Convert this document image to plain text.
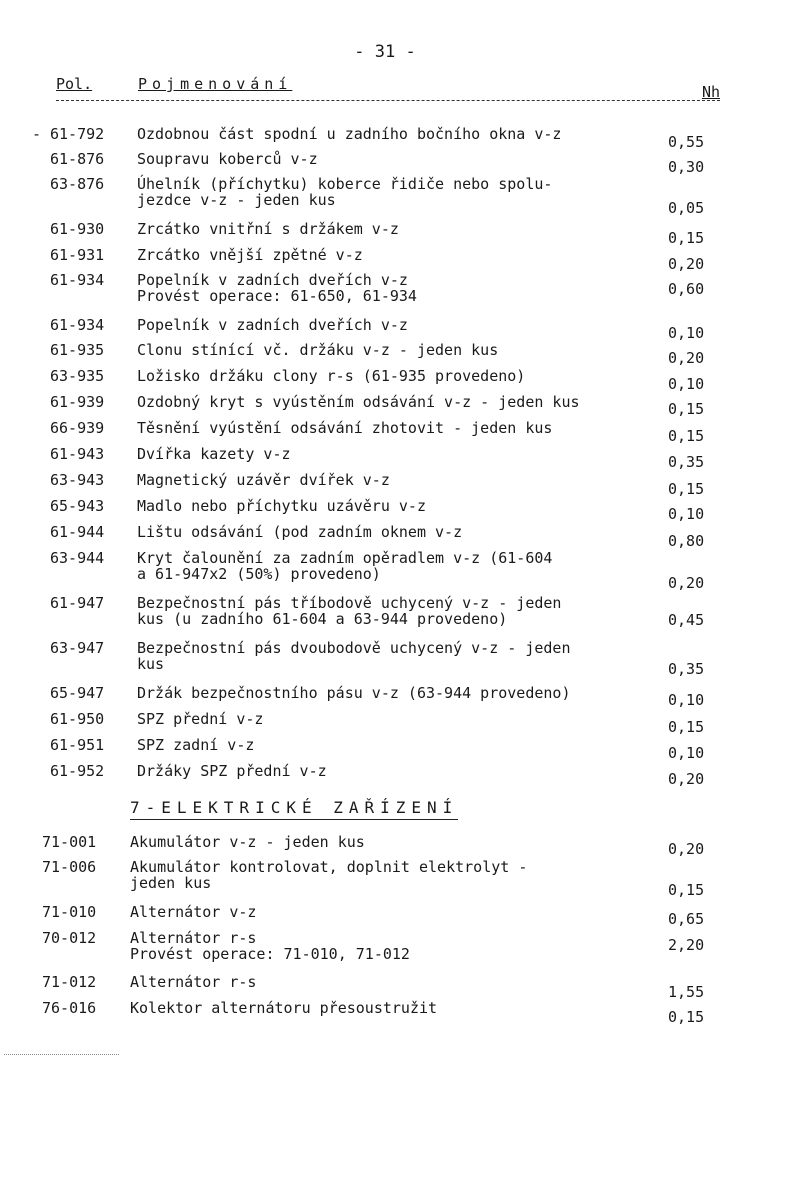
- 31 -
Pol.	Pojmenování	Nh
- 61-792	Ozdobnou část spodní u zadního bočního okna v-z	0,55
61-876	Soupravu koberců v-z	0,30
63-876	Úhelník (příchytku) koberce řidiče nebo spolu-
jezdce v-z - jeden kus	0,05
61-930	Zrcátko vnitřní s držákem v-z	0,15
61-931	Zrcátko vnější zpětné v-z	0,20
61-934	Popelník v zadních dveřích v-z
Provést operace: 61-650, 61-934	0,60
61-934	Popelník v zadních dveřích v-z	0,10
61-935	Clonu stínící vč. držáku v-z - jeden kus	0,20
63-935	Ložisko držáku clony r-s (61-935 provedeno)	0,10
61-939	Ozdobný kryt s vyústěním odsávání v-z - jeden kus	0,15
66-939	Těsnění vyústění odsávání zhotovit - jeden kus	0,15
61-943	Dvířka kazety v-z	0,35
63-943	Magnetický uzávěr dvířek v-z	0,15
65-943	Madlo nebo příchytku uzávěru v-z	0,10
61-944	Lištu odsávání (pod zadním oknem v-z	0,80
63-944	Kryt čalounění za zadním opěradlem v-z (61-604
a 61-947x2 (50%) provedeno)	0,20
61-947	Bezpečnostní pás tříbodově uchycený v-z - jeden
kus (u zadního 61-604 a 63-944 provedeno)	0,45
63-947	Bezpečnostní pás dvoubodově uchycený v-z - jeden
kus	0,35
65-947	Držák bezpečnostního pásu v-z (63-944 provedeno)	0,10
61-950	SPZ přední v-z	0,15
61-951	SPZ zadní v-z	0,10
61-952	Držáky SPZ přední v-z	0,20
7-ELEKTRICKÉ ZAŘÍZENÍ
71-001	Akumulátor v-z - jeden kus	0,20
71-006	Akumulátor kontrolovat, doplnit elektrolyt -
jeden kus	0,15
71-010	Alternátor v-z	0,65
70-012	Alternátor r-s
Provést operace: 71-010, 71-012	2,20
71-012	Alternátor r-s
1,55
76-016	Kolektor alternátoru přesoustružit	0,15
